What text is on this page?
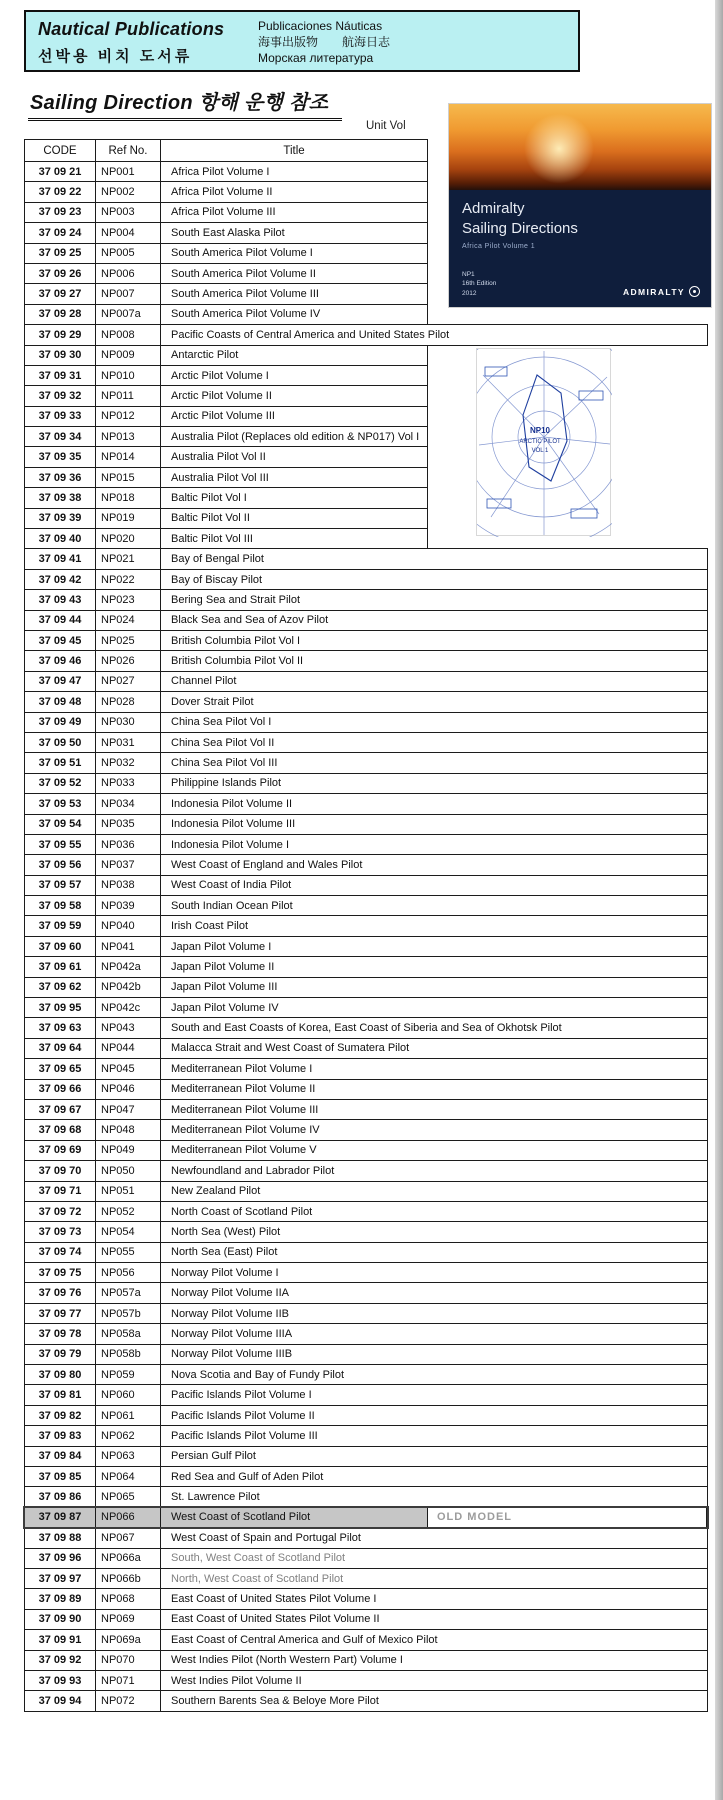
Nautical Publications
선박용 비치 도서류
Publicaciones Náuticas
海事出版物　　航海日志
Морская литература
Sailing Direction 항해 운행 참조
Unit Vol
CODE	Ref No.	Title
37 09 21	NP001	Africa Pilot Volume I
37 09 22	NP002	Africa Pilot Volume II
37 09 23	NP003	Africa Pilot Volume III
37 09 24	NP004	South East Alaska Pilot
37 09 25	NP005	South America Pilot Volume I
37 09 26	NP006	South America Pilot Volume II
37 09 27	NP007	South America Pilot Volume III
37 09 28	NP007a	South America Pilot Volume IV
37 09 29	NP008	Pacific Coasts of Central America and United States Pilot
37 09 30	NP009	Antarctic Pilot
37 09 31	NP010	Arctic Pilot Volume I
37 09 32	NP011	Arctic Pilot Volume II
37 09 33	NP012	Arctic Pilot Volume III
37 09 34	NP013	Australia Pilot (Replaces old edition & NP017) Vol I
37 09 35	NP014	Australia Pilot Vol II
37 09 36	NP015	Australia Pilot Vol III
37 09 38	NP018	Baltic Pilot Vol I
37 09 39	NP019	Baltic Pilot Vol II
37 09 40	NP020	Baltic Pilot Vol III
37 09 41	NP021	Bay of Bengal Pilot
37 09 42	NP022	Bay of Biscay Pilot
37 09 43	NP023	Bering Sea and Strait Pilot
37 09 44	NP024	Black Sea and Sea of Azov Pilot
37 09 45	NP025	British Columbia Pilot Vol I
37 09 46	NP026	British Columbia Pilot Vol II
37 09 47	NP027	Channel Pilot
37 09 48	NP028	Dover Strait Pilot
37 09 49	NP030	China Sea Pilot Vol I
37 09 50	NP031	China Sea Pilot Vol II
37 09 51	NP032	China Sea Pilot Vol III
37 09 52	NP033	Philippine Islands Pilot
37 09 53	NP034	Indonesia Pilot Volume II
37 09 54	NP035	Indonesia Pilot Volume III
37 09 55	NP036	Indonesia Pilot Volume I
37 09 56	NP037	West Coast of England and Wales Pilot
37 09 57	NP038	West Coast of India Pilot
37 09 58	NP039	South Indian Ocean Pilot
37 09 59	NP040	Irish Coast Pilot
37 09 60	NP041	Japan Pilot Volume I
37 09 61	NP042a	Japan Pilot Volume II
37 09 62	NP042b	Japan Pilot Volume III
37 09 95	NP042c	Japan Pilot Volume IV
37 09 63	NP043	South and East Coasts of Korea, East Coast of Siberia and Sea of Okhotsk Pilot
37 09 64	NP044	Malacca Strait and West Coast of Sumatera Pilot
37 09 65	NP045	Mediterranean Pilot Volume I
37 09 66	NP046	Mediterranean Pilot Volume II
37 09 67	NP047	Mediterranean Pilot Volume III
37 09 68	NP048	Mediterranean Pilot Volume IV
37 09 69	NP049	Mediterranean Pilot Volume V
37 09 70	NP050	Newfoundland and Labrador Pilot
37 09 71	NP051	New Zealand Pilot
37 09 72	NP052	North Coast of Scotland Pilot
37 09 73	NP054	North Sea (West) Pilot
37 09 74	NP055	North Sea (East) Pilot
37 09 75	NP056	Norway Pilot Volume I
37 09 76	NP057a	Norway Pilot Volume IIA
37 09 77	NP057b	Norway Pilot Volume IIB
37 09 78	NP058a	Norway Pilot Volume IIIA
37 09 79	NP058b	Norway Pilot Volume IIIB
37 09 80	NP059	Nova Scotia and Bay of Fundy Pilot
37 09 81	NP060	Pacific Islands Pilot Volume I
37 09 82	NP061	Pacific Islands Pilot Volume II
37 09 83	NP062	Pacific Islands Pilot Volume III
37 09 84	NP063	Persian Gulf Pilot
37 09 85	NP064	Red Sea and Gulf of Aden Pilot
37 09 86	NP065	St. Lawrence Pilot
37 09 87	NP066	West Coast of Scotland Pilot	OLD MODEL
37 09 88	NP067	West Coast of Spain and Portugal Pilot
37 09 96	NP066a	South, West Coast of Scotland Pilot
37 09 97	NP066b	North, West Coast of Scotland Pilot
37 09 89	NP068	East Coast of United States Pilot Volume I
37 09 90	NP069	East Coast of United States Pilot Volume II
37 09 91	NP069a	East Coast of Central America and Gulf of Mexico Pilot
37 09 92	NP070	West Indies Pilot (North Western Part) Volume I
37 09 93	NP071	West Indies Pilot Volume II
37 09 94	NP072	Southern Barents Sea & Beloye More Pilot
Admiralty
Sailing Directions
Africa Pilot Volume 1
NP1
16th Edition
2012	ADMIRALTY
NP10
ARCTIC PILOT
VOL 1
